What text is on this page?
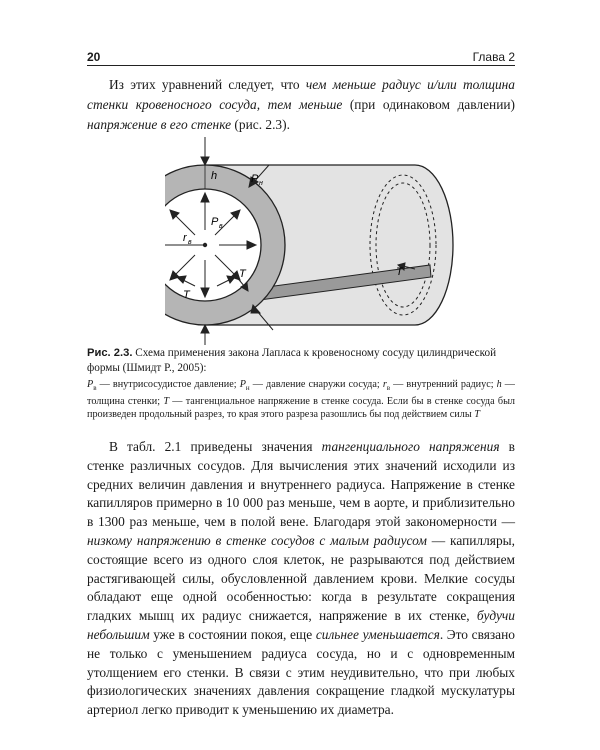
20	Глава 2

Из этих уравнений следует, что чем меньше радиус и/или толщина стенки кровеносного сосуда, тем меньше (при одинаковом давлении) напряжение в его стенке (рис. 2.3).

h	P н
P в
r в
T
T	T

Рис. 2.3. Схема применения закона Лапласа к кровеносному сосуду цилиндрической формы (Шмидт Р., 2005):

$P_в$ — внутрисосудистое давление; $P_н$ — давление снаружи сосуда; $r_в$ — внутренний радиус; h — толщина стенки; T — тангенциальное напряжение в стенке сосуда. Если бы в стенке сосуда был произведен продольный разрез, то края этого разреза разошлись бы под действием силы T

В табл. 2.1 приведены значения тангенциального напряжения в стенке различных сосудов. Для вычисления этих значений исходили из средних величин давления и внутреннего радиуса. Напряжение в стенке капилляров примерно в 10 000 раз меньше, чем в аорте, и приблизительно в 1300 раз меньше, чем в полой вене. Благодаря этой закономерности — низкому напряжению в стенке сосудов с малым радиусом — капилляры, состоящие всего из одного слоя клеток, не разрываются под действием растягивающей силы, обусловленной давлением крови. Мелкие сосуды обладают еще одной особенностью: когда в результате сокращения гладких мышц их радиус снижается, напряжение в их стенке, будучи небольшим уже в состоянии покоя, еще сильнее уменьшается. Это связано не только с уменьшением радиуса сосуда, но и с одновременным утолщением его стенки. В связи с этим неудивительно, что при любых физиологических значениях давления сокращение гладкой мускулатуры артериол легко приводит к уменьшению их диаметра.
